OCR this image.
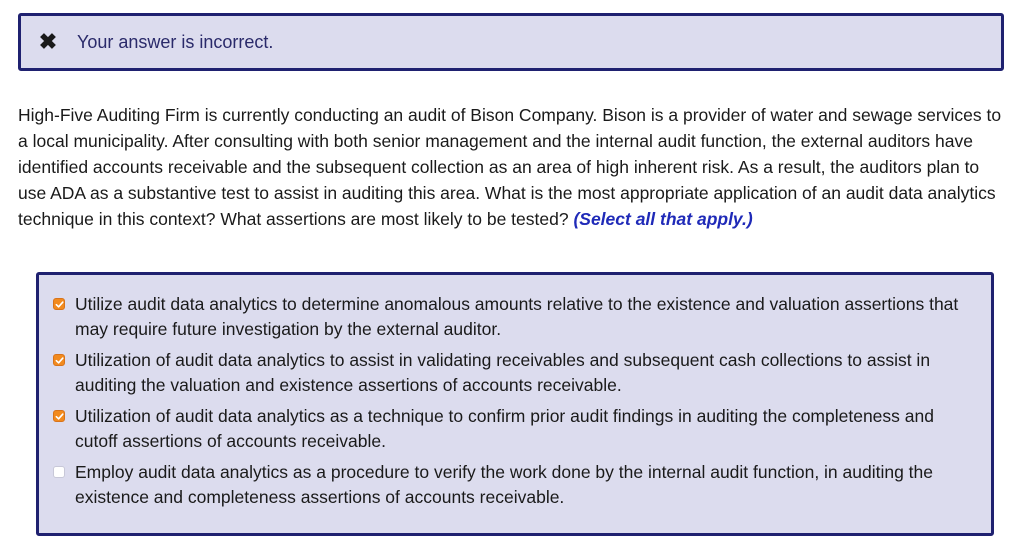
✖ Your answer is incorrect.
High-Five Auditing Firm is currently conducting an audit of Bison Company. Bison is a provider of water and sewage services to a local municipality. After consulting with both senior management and the internal audit function, the external auditors have identified accounts receivable and the subsequent collection as an area of high inherent risk. As a result, the auditors plan to use ADA as a substantive test to assist in auditing this area. What is the most appropriate application of an audit data analytics technique in this context? What assertions are most likely to be tested? (Select all that apply.)
Utilize audit data analytics to determine anomalous amounts relative to the existence and valuation assertions that may require future investigation by the external auditor.
Utilization of audit data analytics to assist in validating receivables and subsequent cash collections to assist in auditing the valuation and existence assertions of accounts receivable.
Utilization of audit data analytics as a technique to confirm prior audit findings in auditing the completeness and cutoff assertions of accounts receivable.
Employ audit data analytics as a procedure to verify the work done by the internal audit function, in auditing the existence and completeness assertions of accounts receivable.
